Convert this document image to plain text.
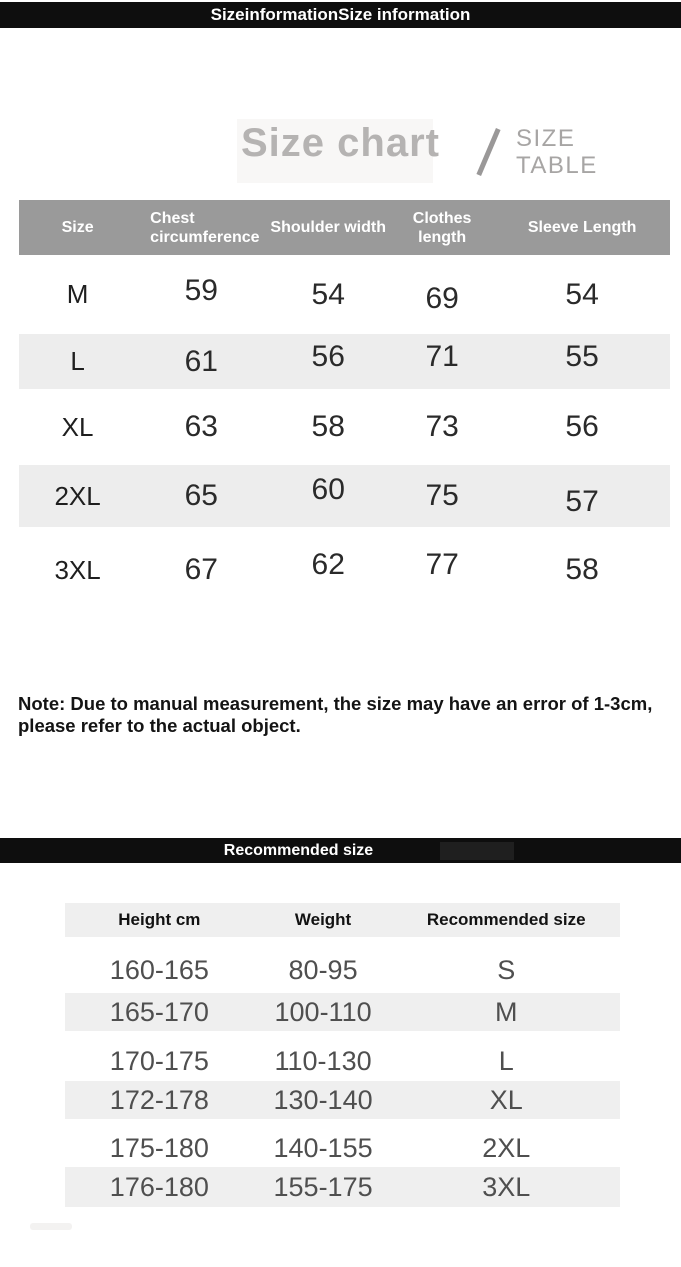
SizeinformationSize information
Size chart	SIZE
TABLE
Size	Chest circumference	Shoulder width	Clothes length	Sleeve Length
M	59	54	69	54
L	61	56	71	55
XL	63	58	73	56
2XL	65	60	75	57
3XL	67	62	77	58

Note: Due to manual measurement, the size may have an error of 1-3cm,
please refer to the actual object.

Recommended size
Height cm	Weight	Recommended size
160-165	80-95	S
165-170	100-110	M
170-175	110-130	L
172-178	130-140	XL
175-180	140-155	2XL
176-180	155-175	3XL
